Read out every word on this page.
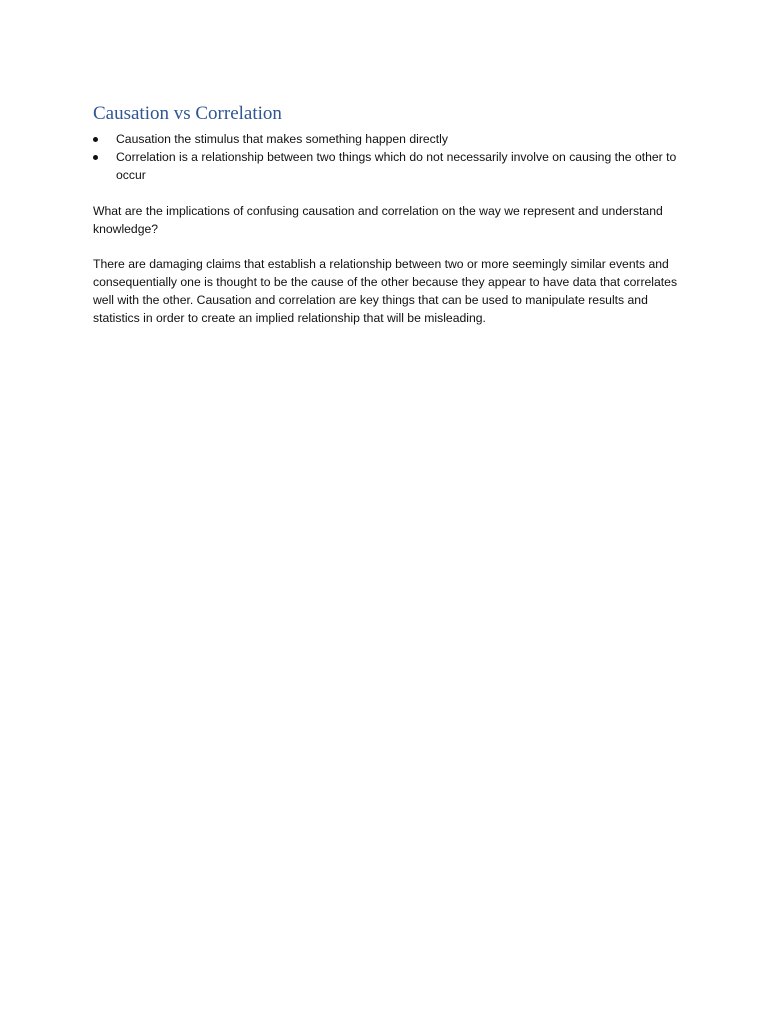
Causation vs Correlation
Causation the stimulus that makes something happen directly
Correlation is a relationship between two things which do not necessarily involve on causing the other to occur

What are the implications of confusing causation and correlation on the way we represent and understand knowledge?

There are damaging claims that establish a relationship between two or more seemingly similar events and consequentially one is thought to be the cause of the other because they appear to have data that correlates well with the other. Causation and correlation are key things that can be used to manipulate results and statistics in order to create an implied relationship that will be misleading.
